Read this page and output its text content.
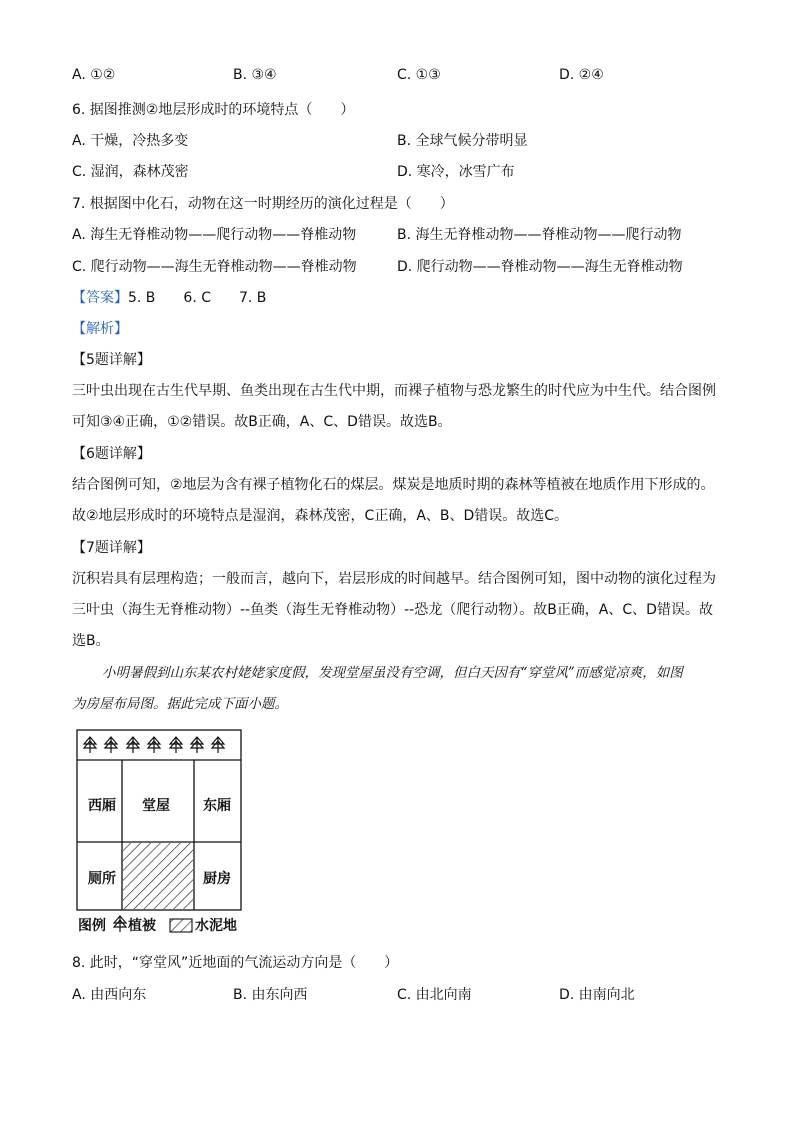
A. ①②	B. ③④	C. ①③	D. ②④
6. 据图推测②地层形成时的环境特点（　　）
A. 干燥，冷热多变	B. 全球气候分带明显
C. 湿润，森林茂密	D. 寒冷，冰雪广布
7. 根据图中化石，动物在这一时期经历的演化过程是（　　）
A. 海生无脊椎动物——爬行动物——脊椎动物	B. 海生无脊椎动物——脊椎动物——爬行动物
C. 爬行动物——海生无脊椎动物——脊椎动物	D. 爬行动物——脊椎动物——海生无脊椎动物
【答案】5. B　　6. C　　7. B
【解析】
【5题详解】
三叶虫出现在古生代早期、鱼类出现在古生代中期，而裸子植物与恐龙繁生的时代应为中生代。结合图例
可知③④正确，①②错误。故B正确，A、C、D错误。故选B。
【6题详解】
结合图例可知，②地层为含有裸子植物化石的煤层。煤炭是地质时期的森林等植被在地质作用下形成的。
故②地层形成时的环境特点是湿润，森林茂密，C正确，A、B、D错误。故选C。
【7题详解】
沉积岩具有层理构造；一般而言，越向下，岩层形成的时间越早。结合图例可知，图中动物的演化过程为
三叶虫（海生无脊椎动物）--鱼类（海生无脊椎动物）--恐龙（爬行动物）。故B正确，A、C、D错误。故
选B。
小明暑假到山东某农村姥姥家度假，发现堂屋虽没有空调，但白天因有“穿堂风”而感觉凉爽，如图
为房屋布局图。据此完成下面小题。
西厢 堂屋 东厢
厕所	厨房
图例 植被	水泥地
8. 此时，“穿堂风”近地面的气流运动方向是（　　）
A. 由西向东	B. 由东向西	C. 由北向南	D. 由南向北
